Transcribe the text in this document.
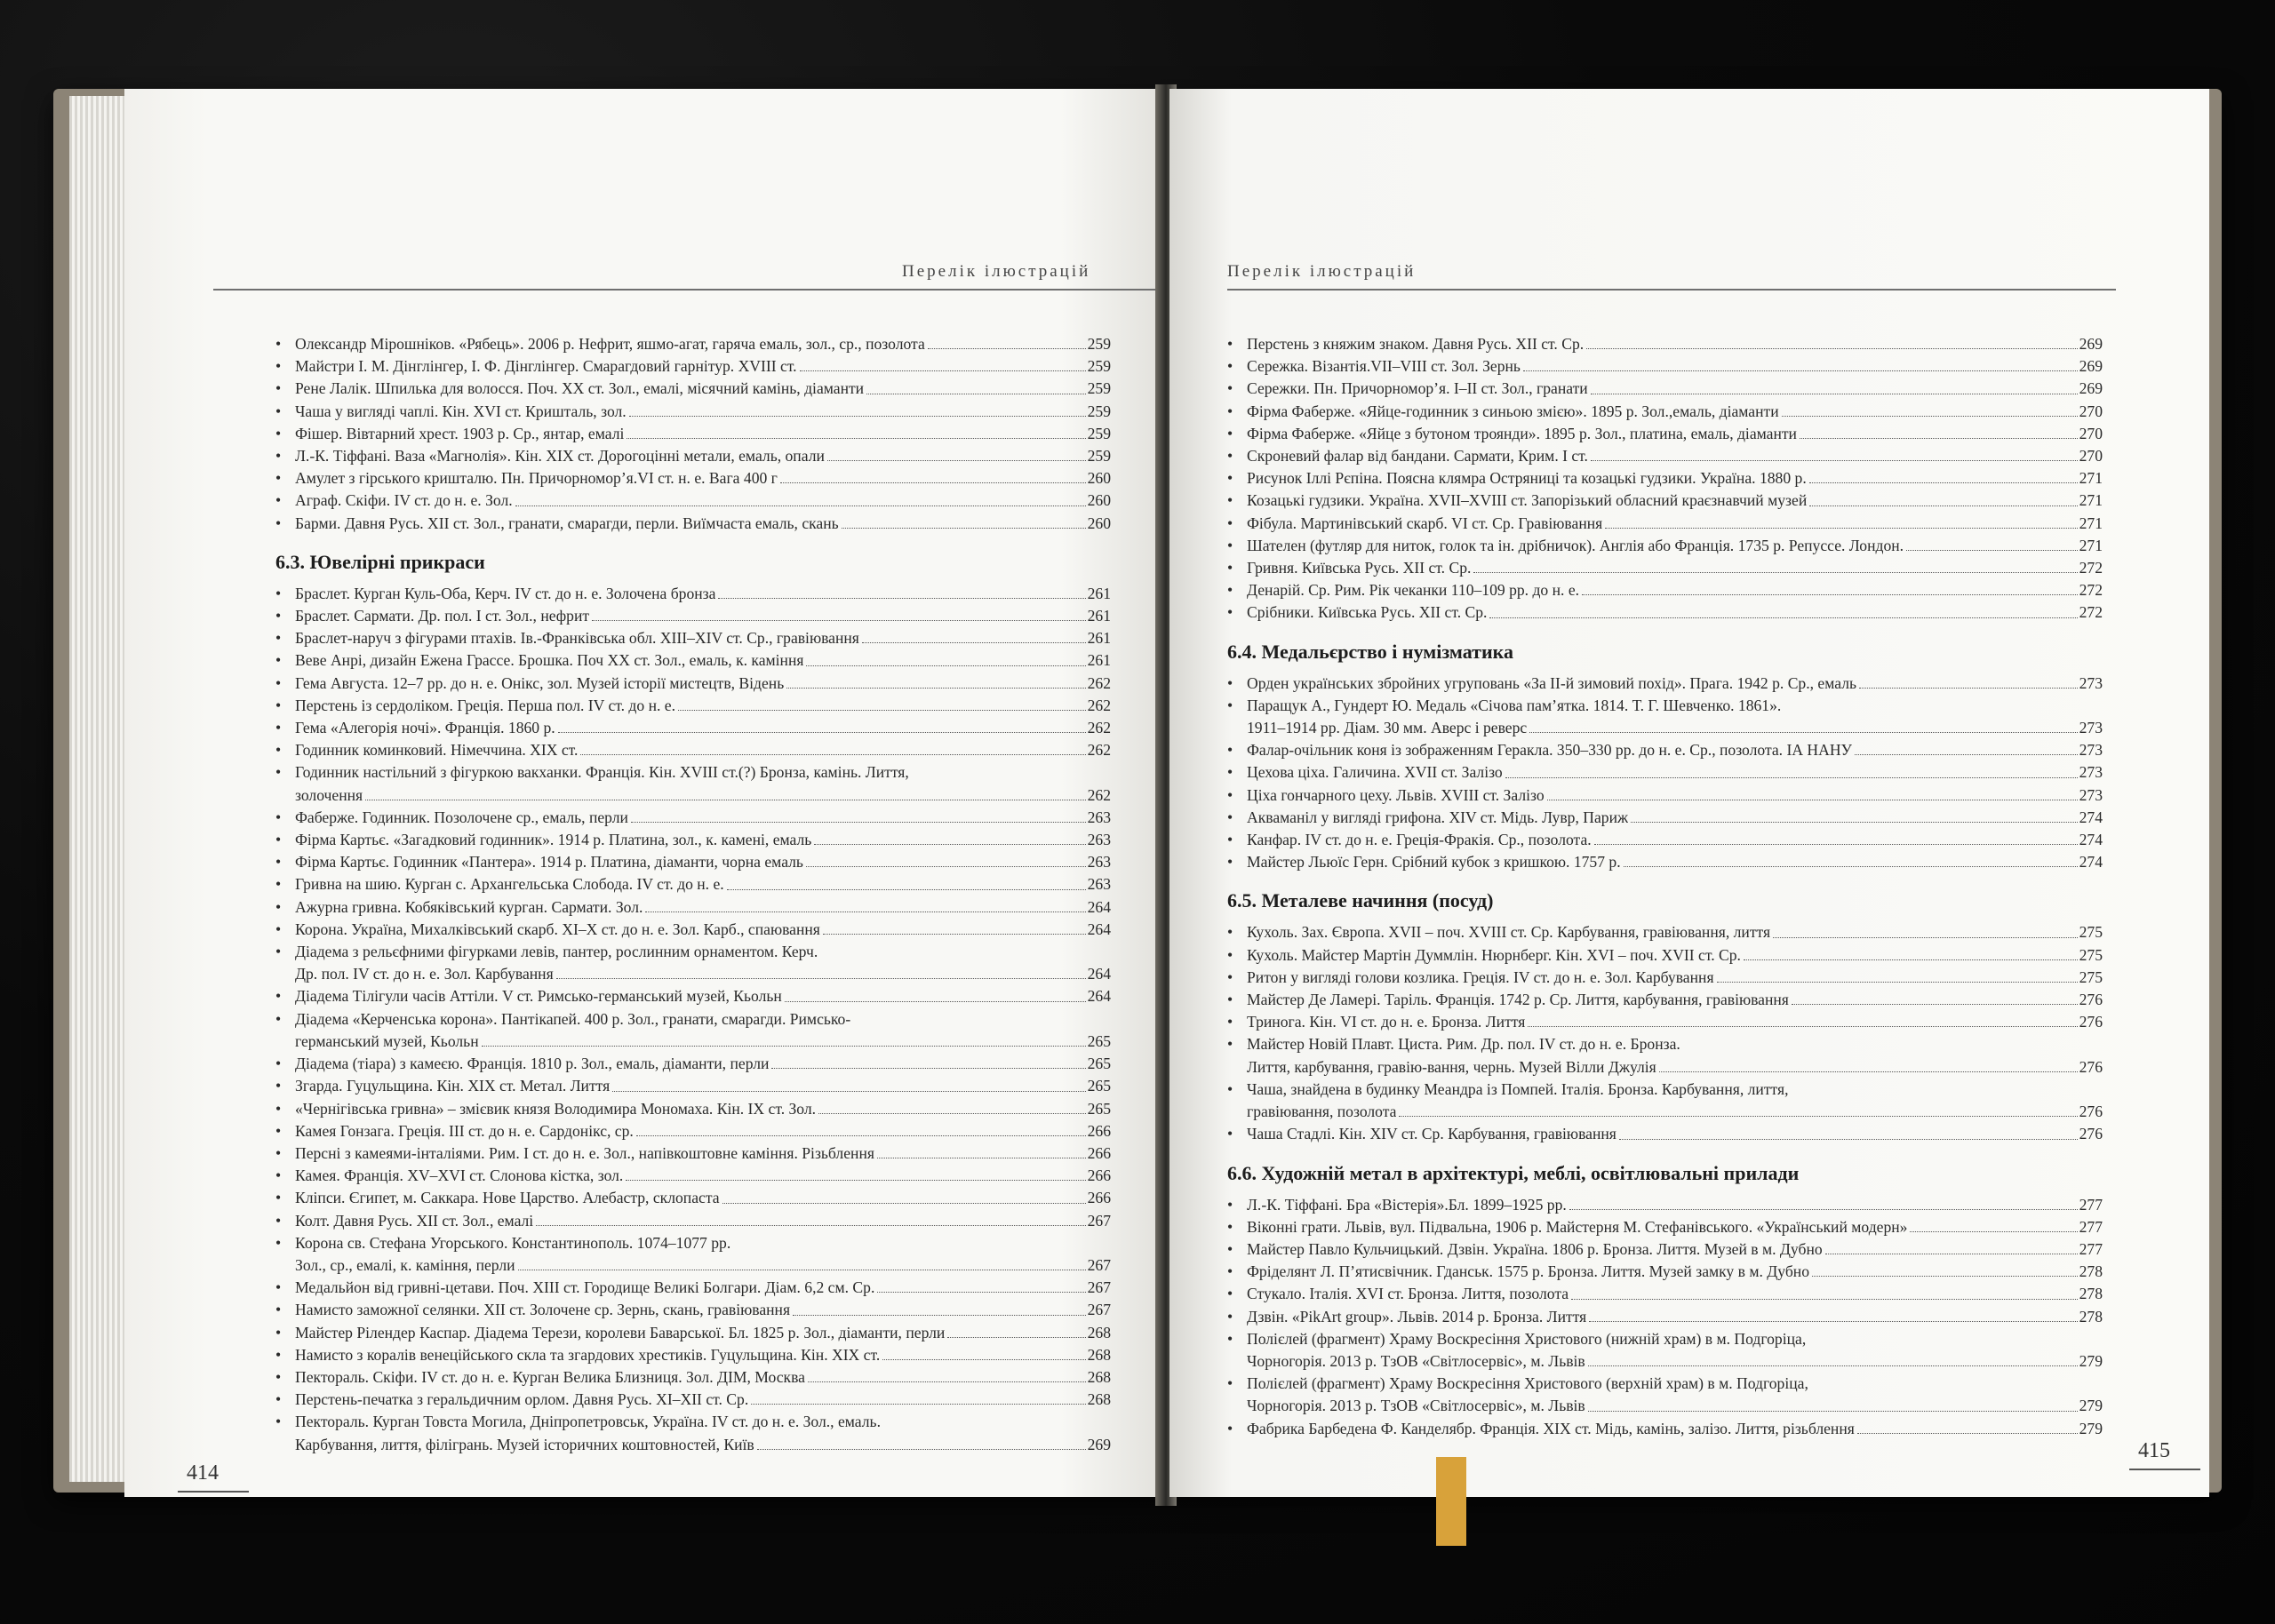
Перелік ілюстрацій
• Олександр Мірошніков. «Рябець». 2006 р. Нефрит, яшмо-агат, гаряча емаль, зол., ср., позолота	259
• Майстри І. М. Дінглінгер, І. Ф. Дінглінгер. Смарагдовий гарнітур. XVIII ст.	259
• Рене Лалік. Шпилька для волосся. Поч. XX ст. Зол., емалі, місячний камінь, діаманти	259
• Чаша у вигляді чаплі. Кін. XVI ст. Кришталь, зол.	259
• Фішер. Вівтарний хрест. 1903 р. Ср., янтар, емалі	259
• Л.-К. Тіффані. Ваза «Магнолія». Кін. XIX ст. Дорогоцінні метали, емаль, опали	259
• Амулет з гірського кришталю. Пн. Причорномор’я.VI ст. н. е. Вага 400 г	260
• Аграф. Скіфи. IV ст. до н. е. Зол.	260
• Барми. Давня Русь. XII ст. Зол., гранати, смарагди, перли. Виїмчаста емаль, скань	260
6.3. Ювелірні прикраси
• Браслет. Курган Куль-Оба, Керч. IV ст. до н. е. Золочена бронза	261
• Браслет. Сармати. Др. пол. I ст. Зол., нефрит	261
• Браслет-наруч з фігурами птахів. Ів.-Франківська обл. XIII–XIV ст. Ср., гравіювання	261
• Веве Анрі, дизайн Ежена Грассе. Брошка. Поч XX ст. Зол., емаль, к. каміння	261
• Гема Августа. 12–7 рр. до н. е. Онікс, зол. Музей історії мистецтв, Відень	262
• Перстень із сердоліком. Греція. Перша пол. IV ст. до н. е.	262
• Гема «Алегорія ночі». Франція. 1860 р.	262
• Годинник коминковий. Німеччина. XIX ст.	262
• Годинник настільний з фігуркою вакханки. Франція. Кін. XVIII ст.(?) Бронза, камінь. Лиття,
золочення	262
• Фаберже. Годинник. Позолочене ср., емаль, перли	263
• Фірма Картьє. «Загадковий годинник». 1914 р. Платина, зол., к. камені, емаль	263
• Фірма Картьє. Годинник «Пантера». 1914 р. Платина, діаманти, чорна емаль	263
• Гривна на шию. Курган с. Архангельська Слобода. IV ст. до н. е.	263
• Ажурна гривна. Кобяківський курган. Сармати. Зол.	264
• Корона. Україна, Михалківський скарб. XI–X ст. до н. е. Зол. Карб., спаювання	264
• Діадема з рельєфними фігурками левів, пантер, рослинним орнаментом. Керч.
Др. пол. IV ст. до н. е. Зол. Карбування	264
• Діадема Тілігули часів Аттіли. V ст. Римсько-германський музей, Кьольн	264
• Діадема «Керченська корона». Пантікапей. 400 р. Зол., гранати, смарагди. Римсько-
германський музей, Кьольн	265
• Діадема (тіара) з камеєю. Франція. 1810 р. Зол., емаль, діаманти, перли	265
• Згарда. Гуцульщина. Кін. XIX ст. Метал. Лиття	265
• «Чернігівська гривна» – змієвик князя Володимира Мономаха. Кін. IX ст. Зол.	265
• Камея Гонзага. Греція. III ст. до н. е. Сардонікс, ср.	266
• Персні з камеями-інталіями. Рим. I ст. до н. е. Зол., напівкоштовне каміння. Різьблення	266
• Камея. Франція. XV–XVI ст. Слонова кістка, зол.	266
• Кліпси. Єгипет, м. Саккара. Нове Царство. Алебастр, склопаста	266
• Колт. Давня Русь. XII ст. Зол., емалі	267
• Корона св. Стефана Угорського. Константинополь. 1074–1077 рр.
Зол., ср., емалі, к. каміння, перли	267
• Медальйон від гривні-цетави. Поч. XIII ст. Городище Великі Болгари. Діам. 6,2 см. Ср.	267
• Намисто заможної селянки. XII ст. Золочене ср. Зернь, скань, гравіювання	267
• Майстер Рілендер Каспар. Діадема Терези, королеви Баварської. Бл. 1825 р. Зол., діаманти, перли	268
• Намисто з коралів венеційського скла та згардових хрестиків. Гуцульщина. Кін. XIX ст.	268
• Пектораль. Скіфи. IV ст. до н. е. Курган Велика Близниця. Зол. ДІМ, Москва	268
• Перстень-печатка з геральдичним орлом. Давня Русь. XI–XII ст. Ср.	268
• Пектораль. Курган Товста Могила, Дніпропетровськ, Україна. IV ст. до н. е. Зол., емаль.
Карбування, лиття, філігрань. Музей історичних коштовностей, Київ	269
414
Перелік ілюстрацій
• Перстень з княжим знаком. Давня Русь. XII ст. Ср.	269
• Сережка. Візантія.VII–VIII ст. Зол. Зернь	269
• Сережки. Пн. Причорномор’я. I–II ст. Зол., гранати	269
• Фірма Фаберже. «Яйце-годинник з синьою змією». 1895 р. Зол.,емаль, діаманти	270
• Фірма Фаберже. «Яйце з бутоном троянди». 1895 р. Зол., платина, емаль, діаманти	270
• Скроневий фалар від бандани. Сармати, Крим. I ст.	270
• Рисунок Іллі Рєпіна. Поясна клямра Остряниці та козацькі гудзики. Україна. 1880 р.	271
• Козацькі гудзики. Україна. XVII–XVIII ст. Запорізький обласний краєзнавчий музей	271
• Фібула. Мартинівський скарб. VI ст. Ср. Гравіювання	271
• Шателен (футляр для ниток, голок та ін. дрібничок). Англія або Франція. 1735 р. Репуссе. Лондон.	271
• Гривня. Київська Русь. XII ст. Ср.	272
• Денарій. Ср. Рим. Рік чеканки 110–109 рр. до н. е.	272
• Срібники. Київська Русь. XII ст. Ср.	272
6.4. Медальєрство і нумізматика
• Орден українських збройних угруповань «За ІІ-й зимовий похід». Прага. 1942 р. Ср., емаль	273
• Паращук А., Гундерт Ю. Медаль «Січова пам’ятка. 1814. Т. Г. Шевченко. 1861».
1911–1914 рр. Діам. 30 мм. Аверс і реверс	273
• Фалар-очільник коня із зображенням Геракла. 350–330 рр. до н. е. Ср., позолота. ІА НАНУ	273
• Цехова ціха. Галичина. XVII ст. Залізо	273
• Ціха гончарного цеху. Львів. XVIII ст. Залізо	273
• Акваманіл у вигляді грифона. XIV ст. Мідь. Лувр, Париж	274
• Канфар. IV ст. до н. е. Греція-Фракія. Ср., позолота.	274
• Майстер Льюїс Герн. Срібний кубок з кришкою. 1757 р.	274
6.5. Металеве начиння (посуд)
• Кухоль. Зах. Європа. XVII – поч. XVIII ст. Ср. Карбування, гравіювання, лиття	275
• Кухоль. Майстер Мартін Думмлін. Нюрнберг. Кін. XVI – поч. XVII ст. Ср.	275
• Ритон у вигляді голови козлика. Греція. IV ст. до н. е. Зол. Карбування	275
• Майстер Де Ламері. Таріль. Франція. 1742 р. Ср. Лиття, карбування, гравіювання	276
• Тринога. Кін. VI ст. до н. е. Бронза. Лиття	276
• Майстер Новій Плавт. Циста. Рим. Др. пол. IV ст. до н. е. Бронза.
Лиття, карбування, гравію-вання, чернь. Музей Вілли Джулія	276
• Чаша, знайдена в будинку Меандра із Помпей. Італія. Бронза. Карбування, лиття,
гравіювання, позолота	276
• Чаша Стадлі. Кін. XIV ст. Ср. Карбування, гравіювання	276
6.6. Художній метал в архітектурі, меблі, освітлювальні прилади
• Л.-К. Тіффані. Бра «Вістерія».Бл. 1899–1925 рр.	277
• Віконні грати. Львів, вул. Підвальна, 1906 р. Майстерня М. Стефанівського. «Український модерн»	277
• Майстер Павло Кульчицький. Дзвін. Україна. 1806 р. Бронза. Лиття. Музей в м. Дубно	277
• Фріделянт Л. П’ятисвічник. Гданськ. 1575 р. Бронза. Лиття. Музей замку в м. Дубно	278
• Стукало. Італія. XVI ст. Бронза. Лиття, позолота	278
• Дзвін. «PikArt group». Львів. 2014 р. Бронза. Лиття	278
• Полієлей (фрагмент) Храму Воскресіння Христового (нижній храм) в м. Подгоріца,
Чорногорія. 2013 р. ТзОВ «Світлосервіс», м. Львів	279
• Полієлей (фрагмент) Храму Воскресіння Христового (верхній храм) в м. Подгоріца,
Чорногорія. 2013 р. ТзОВ «Світлосервіс», м. Львів	279
• Фабрика Барбедена Ф. Канделябр. Франція. XIX ст. Мідь, камінь, залізо. Лиття, різьблення	279
415
